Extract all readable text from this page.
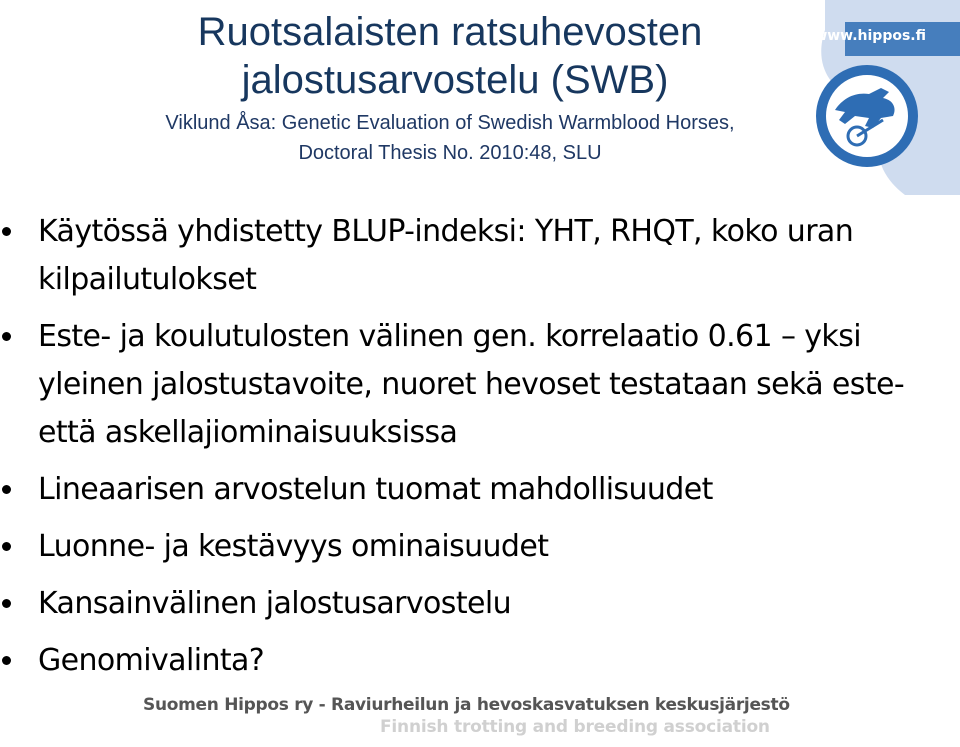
Ruotsalaisten ratsuhevosten
jalostusarvostelu (SWB)
Viklund Åsa: Genetic Evaluation of Swedish Warmblood Horses,
Doctoral Thesis No. 2010:48, SLU
www.hippos.fi
Käytössä yhdistetty BLUP-indeksi: YHT, RHQT, koko uran kilpailutulokset
Este- ja koulutulosten välinen gen. korrelaatio 0.61 – yksi yleinen jalostustavoite, nuoret hevoset testataan sekä este- että askellajiominaisuuksissa
Lineaarisen arvostelun tuomat mahdollisuudet
Luonne- ja kestävyys ominaisuudet
Kansainvälinen jalostusarvostelu
Genomivalinta?
Suomen Hippos ry - Raviurheilun ja hevoskasvatuksen keskusjärjestö
Finnish trotting and breeding association
